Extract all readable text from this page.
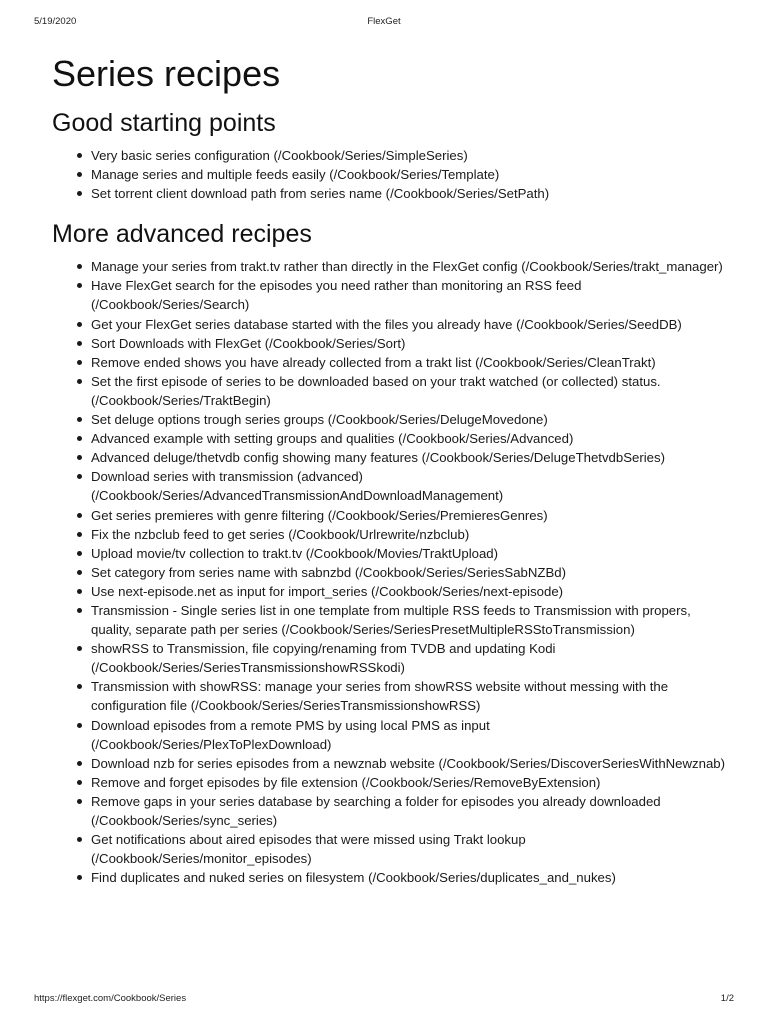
5/19/2020	FlexGet
Series recipes
Good starting points
Very basic series configuration (/Cookbook/Series/SimpleSeries)
Manage series and multiple feeds easily (/Cookbook/Series/Template)
Set torrent client download path from series name (/Cookbook/Series/SetPath)
More advanced recipes
Manage your series from trakt.tv rather than directly in the FlexGet config (/Cookbook/Series/trakt_manager)
Have FlexGet search for the episodes you need rather than monitoring an RSS feed (/Cookbook/Series/Search)
Get your FlexGet series database started with the files you already have (/Cookbook/Series/SeedDB)
Sort Downloads with FlexGet (/Cookbook/Series/Sort)
Remove ended shows you have already collected from a trakt list (/Cookbook/Series/CleanTrakt)
Set the first episode of series to be downloaded based on your trakt watched (or collected) status. (/Cookbook/Series/TraktBegin)
Set deluge options trough series groups (/Cookbook/Series/DelugeMovedone)
Advanced example with setting groups and qualities (/Cookbook/Series/Advanced)
Advanced deluge/thetvdb config showing many features (/Cookbook/Series/DelugeThetvdbSeries)
Download series with transmission (advanced) (/Cookbook/Series/AdvancedTransmissionAndDownloadManagement)
Get series premieres with genre filtering (/Cookbook/Series/PremieresGenres)
Fix the nzbclub feed to get series (/Cookbook/Urlrewrite/nzbclub)
Upload movie/tv collection to trakt.tv (/Cookbook/Movies/TraktUpload)
Set category from series name with sabnzbd (/Cookbook/Series/SeriesSabNZBd)
Use next-episode.net as input for import_series (/Cookbook/Series/next-episode)
Transmission - Single series list in one template from multiple RSS feeds to Transmission with propers, quality, separate path per series (/Cookbook/Series/SeriesPresetMultipleRSStoTransmission)
showRSS to Transmission, file copying/renaming from TVDB and updating Kodi (/Cookbook/Series/SeriesTransmissionshowRSSkodi)
Transmission with showRSS: manage your series from showRSS website without messing with the configuration file (/Cookbook/Series/SeriesTransmissionshowRSS)
Download episodes from a remote PMS by using local PMS as input (/Cookbook/Series/PlexToPlexDownload)
Download nzb for series episodes from a newznab website (/Cookbook/Series/DiscoverSeriesWithNewznab)
Remove and forget episodes by file extension (/Cookbook/Series/RemoveByExtension)
Remove gaps in your series database by searching a folder for episodes you already downloaded (/Cookbook/Series/sync_series)
Get notifications about aired episodes that were missed using Trakt lookup (/Cookbook/Series/monitor_episodes)
Find duplicates and nuked series on filesystem (/Cookbook/Series/duplicates_and_nukes)
https://flexget.com/Cookbook/Series	1/2
